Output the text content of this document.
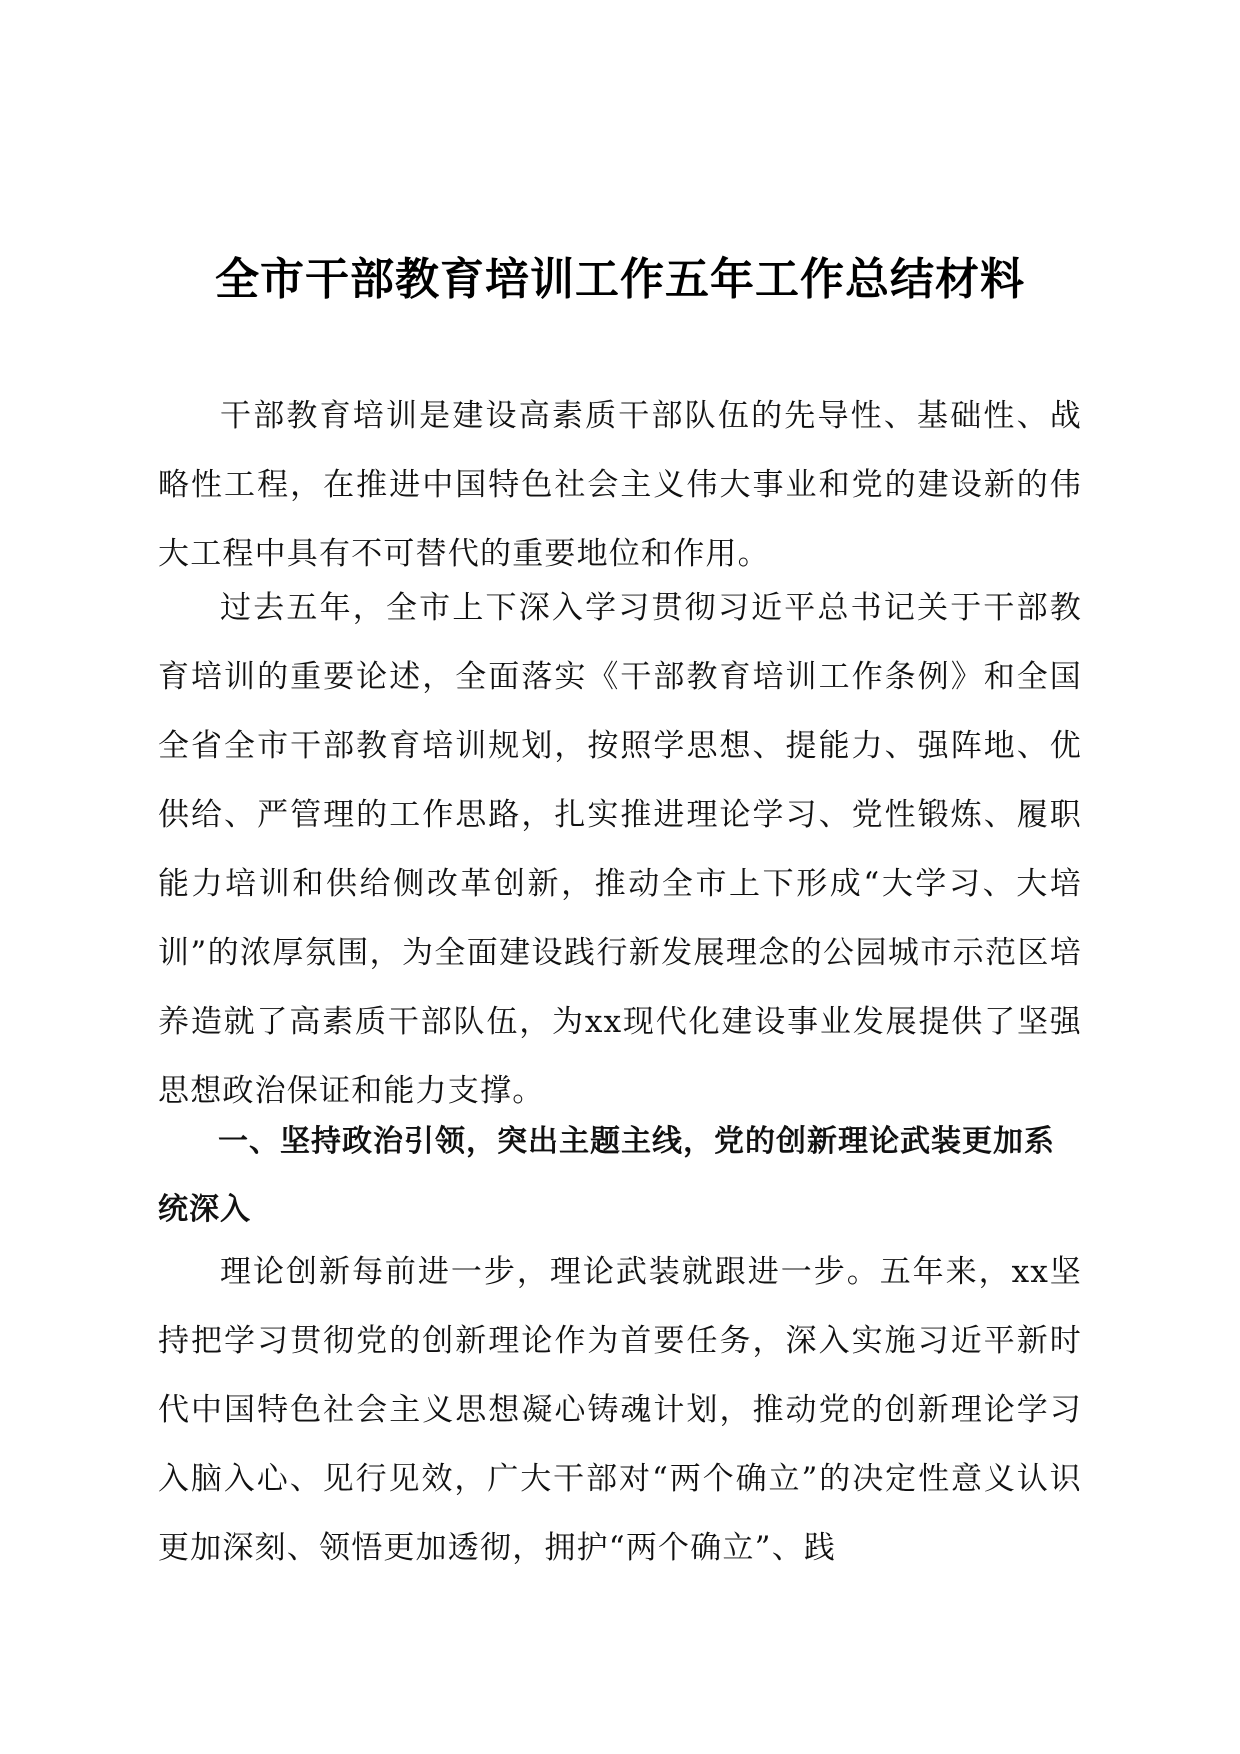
全市干部教育培训工作五年工作总结材料

干部教育培训是建设高素质干部队伍的先导性、基础性、战略性工程，在推进中国特色社会主义伟大事业和党的建设新的伟大工程中具有不可替代的重要地位和作用。

过去五年，全市上下深入学习贯彻习近平总书记关于干部教育培训的重要论述，全面落实《干部教育培训工作条例》和全国全省全市干部教育培训规划，按照学思想、提能力、强阵地、优供给、严管理的工作思路，扎实推进理论学习、党性锻炼、履职能力培训和供给侧改革创新，推动全市上下形成“大学习、大培训”的浓厚氛围，为全面建设践行新发展理念的公园城市示范区培养造就了高素质干部队伍，为xx现代化建设事业发展提供了坚强思想政治保证和能力支撑。

一、坚持政治引领，突出主题主线，党的创新理论武装更加系统深入

理论创新每前进一步，理论武装就跟进一步。五年来，xx坚持把学习贯彻党的创新理论作为首要任务，深入实施习近平新时代中国特色社会主义思想凝心铸魂计划，推动党的创新理论学习入脑入心、见行见效，广大干部对“两个确立”的决定性意义认识更加深刻、领悟更加透彻，拥护“两个确立”、践
